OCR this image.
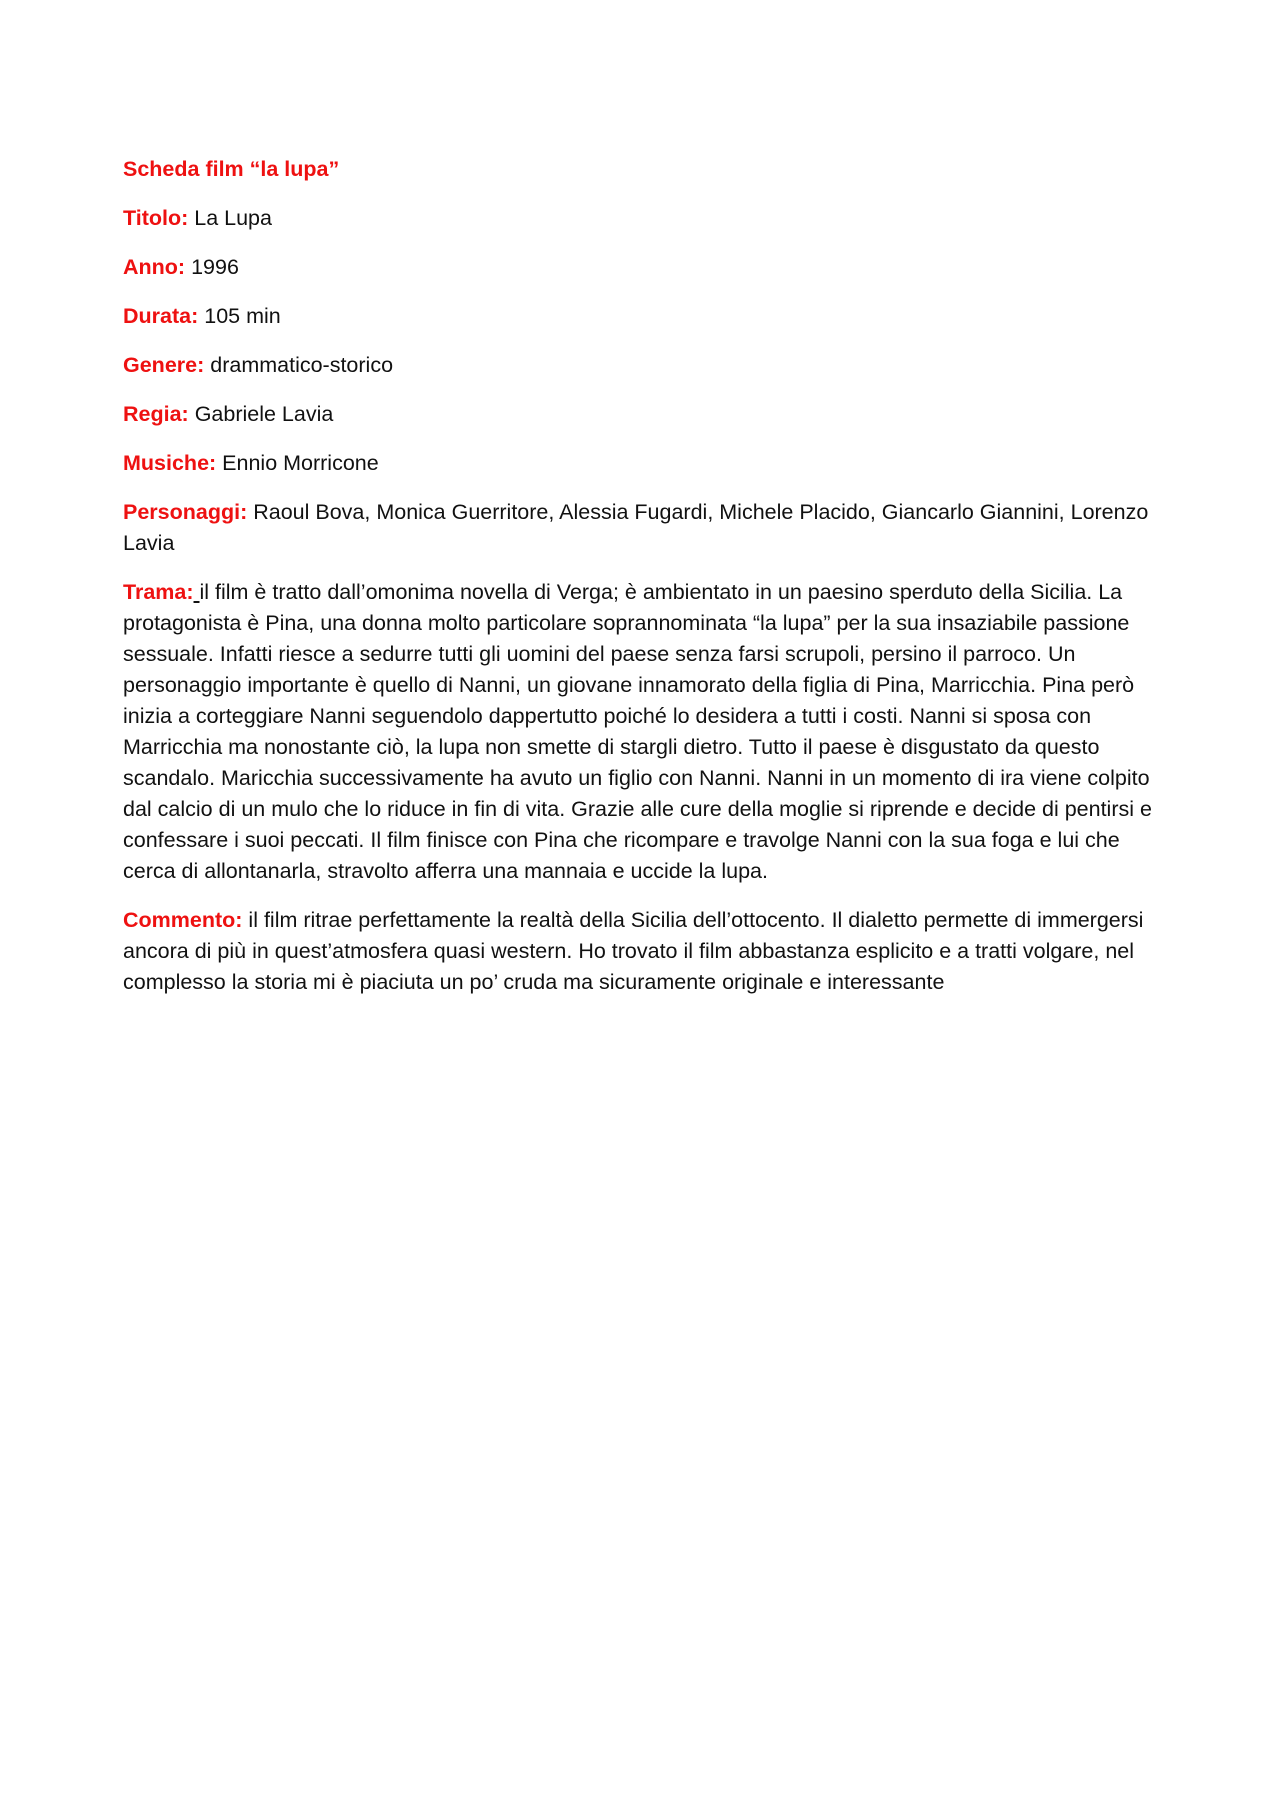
Scheda film “la lupa”

Titolo: La Lupa

Anno: 1996

Durata: 105 min

Genere: drammatico-storico

Regia: Gabriele Lavia

Musiche: Ennio Morricone

Personaggi: Raoul Bova, Monica Guerritore, Alessia Fugardi, Michele Placido, Giancarlo Giannini, Lorenzo Lavia

Trama: il film è tratto dall’omonima novella di Verga; è ambientato in un paesino sperduto della Sicilia. La protagonista è Pina, una donna molto particolare soprannominata “la lupa” per la sua insaziabile passione sessuale. Infatti riesce a sedurre tutti gli uomini del paese senza farsi scrupoli, persino il parroco. Un personaggio importante è quello di Nanni, un giovane innamorato della figlia di Pina, Marricchia. Pina però inizia a corteggiare Nanni seguendolo dappertutto poiché lo desidera a tutti i costi. Nanni si sposa con Marricchia ma nonostante ciò, la lupa non smette di stargli dietro. Tutto il paese è disgustato da questo scandalo. Maricchia successivamente ha avuto un figlio con Nanni. Nanni in un momento di ira viene colpito dal calcio di un mulo che lo riduce in fin di vita. Grazie alle cure della moglie si riprende e decide di pentirsi e confessare i suoi peccati. Il film finisce con Pina che ricompare e travolge Nanni con la sua foga e lui che cerca di allontanarla, stravolto afferra una mannaia e uccide la lupa.

Commento: il film ritrae perfettamente la realtà della Sicilia dell’ottocento. Il dialetto permette di immergersi ancora di più in quest’atmosfera quasi western. Ho trovato il film abbastanza esplicito e a tratti volgare, nel complesso la storia mi è piaciuta un po’ cruda ma sicuramente originale e interessante
